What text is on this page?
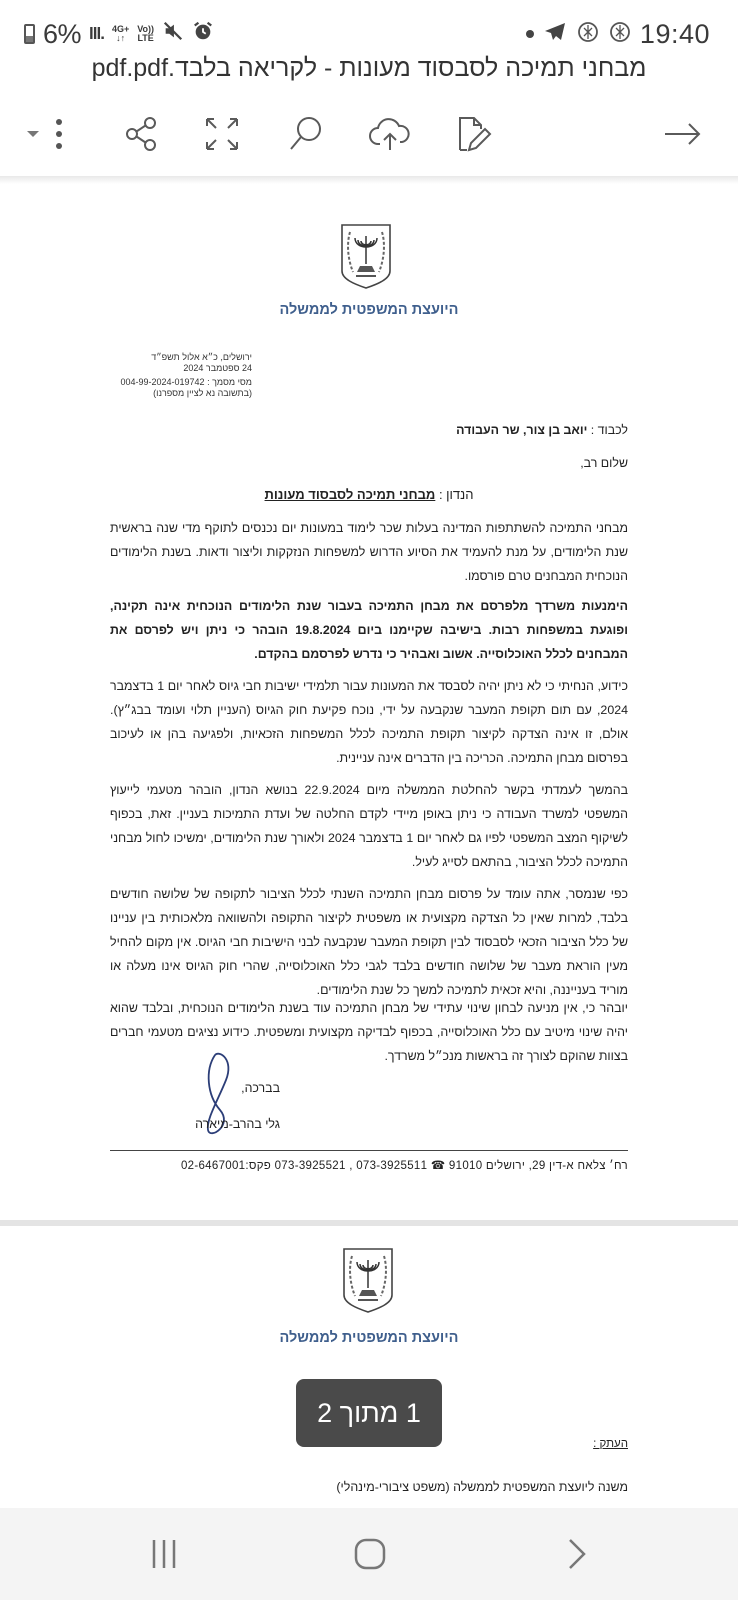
6% lll. 4G+
↓↑
Vo))
LTE	19:40
מבחני תמיכה לסבסוד מעונות - לקריאה בלבד.pdf.pdf
היועצת המשפטית לממשלה
ירושלים, כ״א אלול תשפ״ד
24 ספטמבר 2024
מסי מסמך : 004-99-2024-019742
(בתשובה נא לציין מספרנו)
לכבוד : יואב בן צור, שר העבודה
שלום רב,
הנדון : מבחני תמיכה לסבסוד מעונות
מבחני התמיכה להשתתפות המדינה בעלות שכר לימוד במעונות יום נכנסים לתוקף מדי שנה בראשית שנת הלימודים, על מנת להעמיד את הסיוע הדרוש למשפחות הנזקקות וליצור ודאות. בשנת הלימודים הנוכחית המבחנים טרם פורסמו.
הימנעות משרדך מלפרסם את מבחן התמיכה בעבור שנת הלימודים הנוכחית אינה תקינה, ופוגעת במשפחות רבות. בישיבה שקיימנו ביום 19.8.2024 הובהר כי ניתן ויש לפרסם את המבחנים לכלל האוכלוסייה. אשוב ואבהיר כי נדרש לפרסמם בהקדם.
כידוע, הנחיתי כי לא ניתן יהיה לסבסד את המעונות עבור תלמידי ישיבות חבי גיוס לאחר יום 1 בדצמבר 2024, עם תום תקופת המעבר שנקבעה על ידי, נוכח פקיעת חוק הגיוס (העניין תלוי ועומד בבג״ץ). אולם, זו אינה הצדקה לקיצור תקופת התמיכה לכלל המשפחות הזכאיות, ולפגיעה בהן או לעיכוב בפרסום מבחן התמיכה. הכריכה בין הדברים אינה עניינית.
בהמשך לעמדתי בקשר להחלטת הממשלה מיום 22.9.2024 בנושא הנדון, הובהר מטעמי לייעוץ המשפטי למשרד העבודה כי ניתן באופן מיידי לקדם החלטה של ועדת התמיכות בעניין. זאת, בכפוף לשיקוף המצב המשפטי לפיו גם לאחר יום 1 בדצמבר 2024 ולאורך שנת הלימודים, ימשיכו לחול מבחני התמיכה לכלל הציבור, בהתאם לסייג לעיל.
כפי שנמסר, אתה עומד על פרסום מבחן התמיכה השנתי לכלל הציבור לתקופה של שלושה חודשים בלבד, למרות שאין כל הצדקה מקצועית או משפטית לקיצור התקופה ולהשוואה מלאכותית בין עניינו של כלל הציבור הזכאי לסבסוד לבין תקופת המעבר שנקבעה לבני הישיבות חבי הגיוס. אין מקום להחיל מעין הוראת מעבר של שלושה חודשים בלבד לגבי כלל האוכלוסייה, שהרי חוק הגיוס אינו מעלה או מוריד בענייננה, והיא זכאית לתמיכה למשך כל שנת הלימודים.
יובהר כי, אין מניעה לבחון שינוי עתידי של מבחן התמיכה עוד בשנת הלימודים הנוכחית, ובלבד שהוא יהיה שינוי מיטיב עם כלל האוכלוסייה, בכפוף לבדיקה מקצועית ומשפטית. כידוע נציגים מטעמי חברים בצוות שהוקם לצורך זה בראשות מנכ״ל משרדך.
בברכה,
גלי בהרב-מיארה
רח׳ צלאח א-דין 29, ירושלים 91010 ☎ 073-3925511 , 073-3925521 פקס:02-6467001
היועצת המשפטית לממשלה
העתק :
משנה ליועצת המשפטית לממשלה (משפט ציבורי-מינהלי)
1 מתוך 2
